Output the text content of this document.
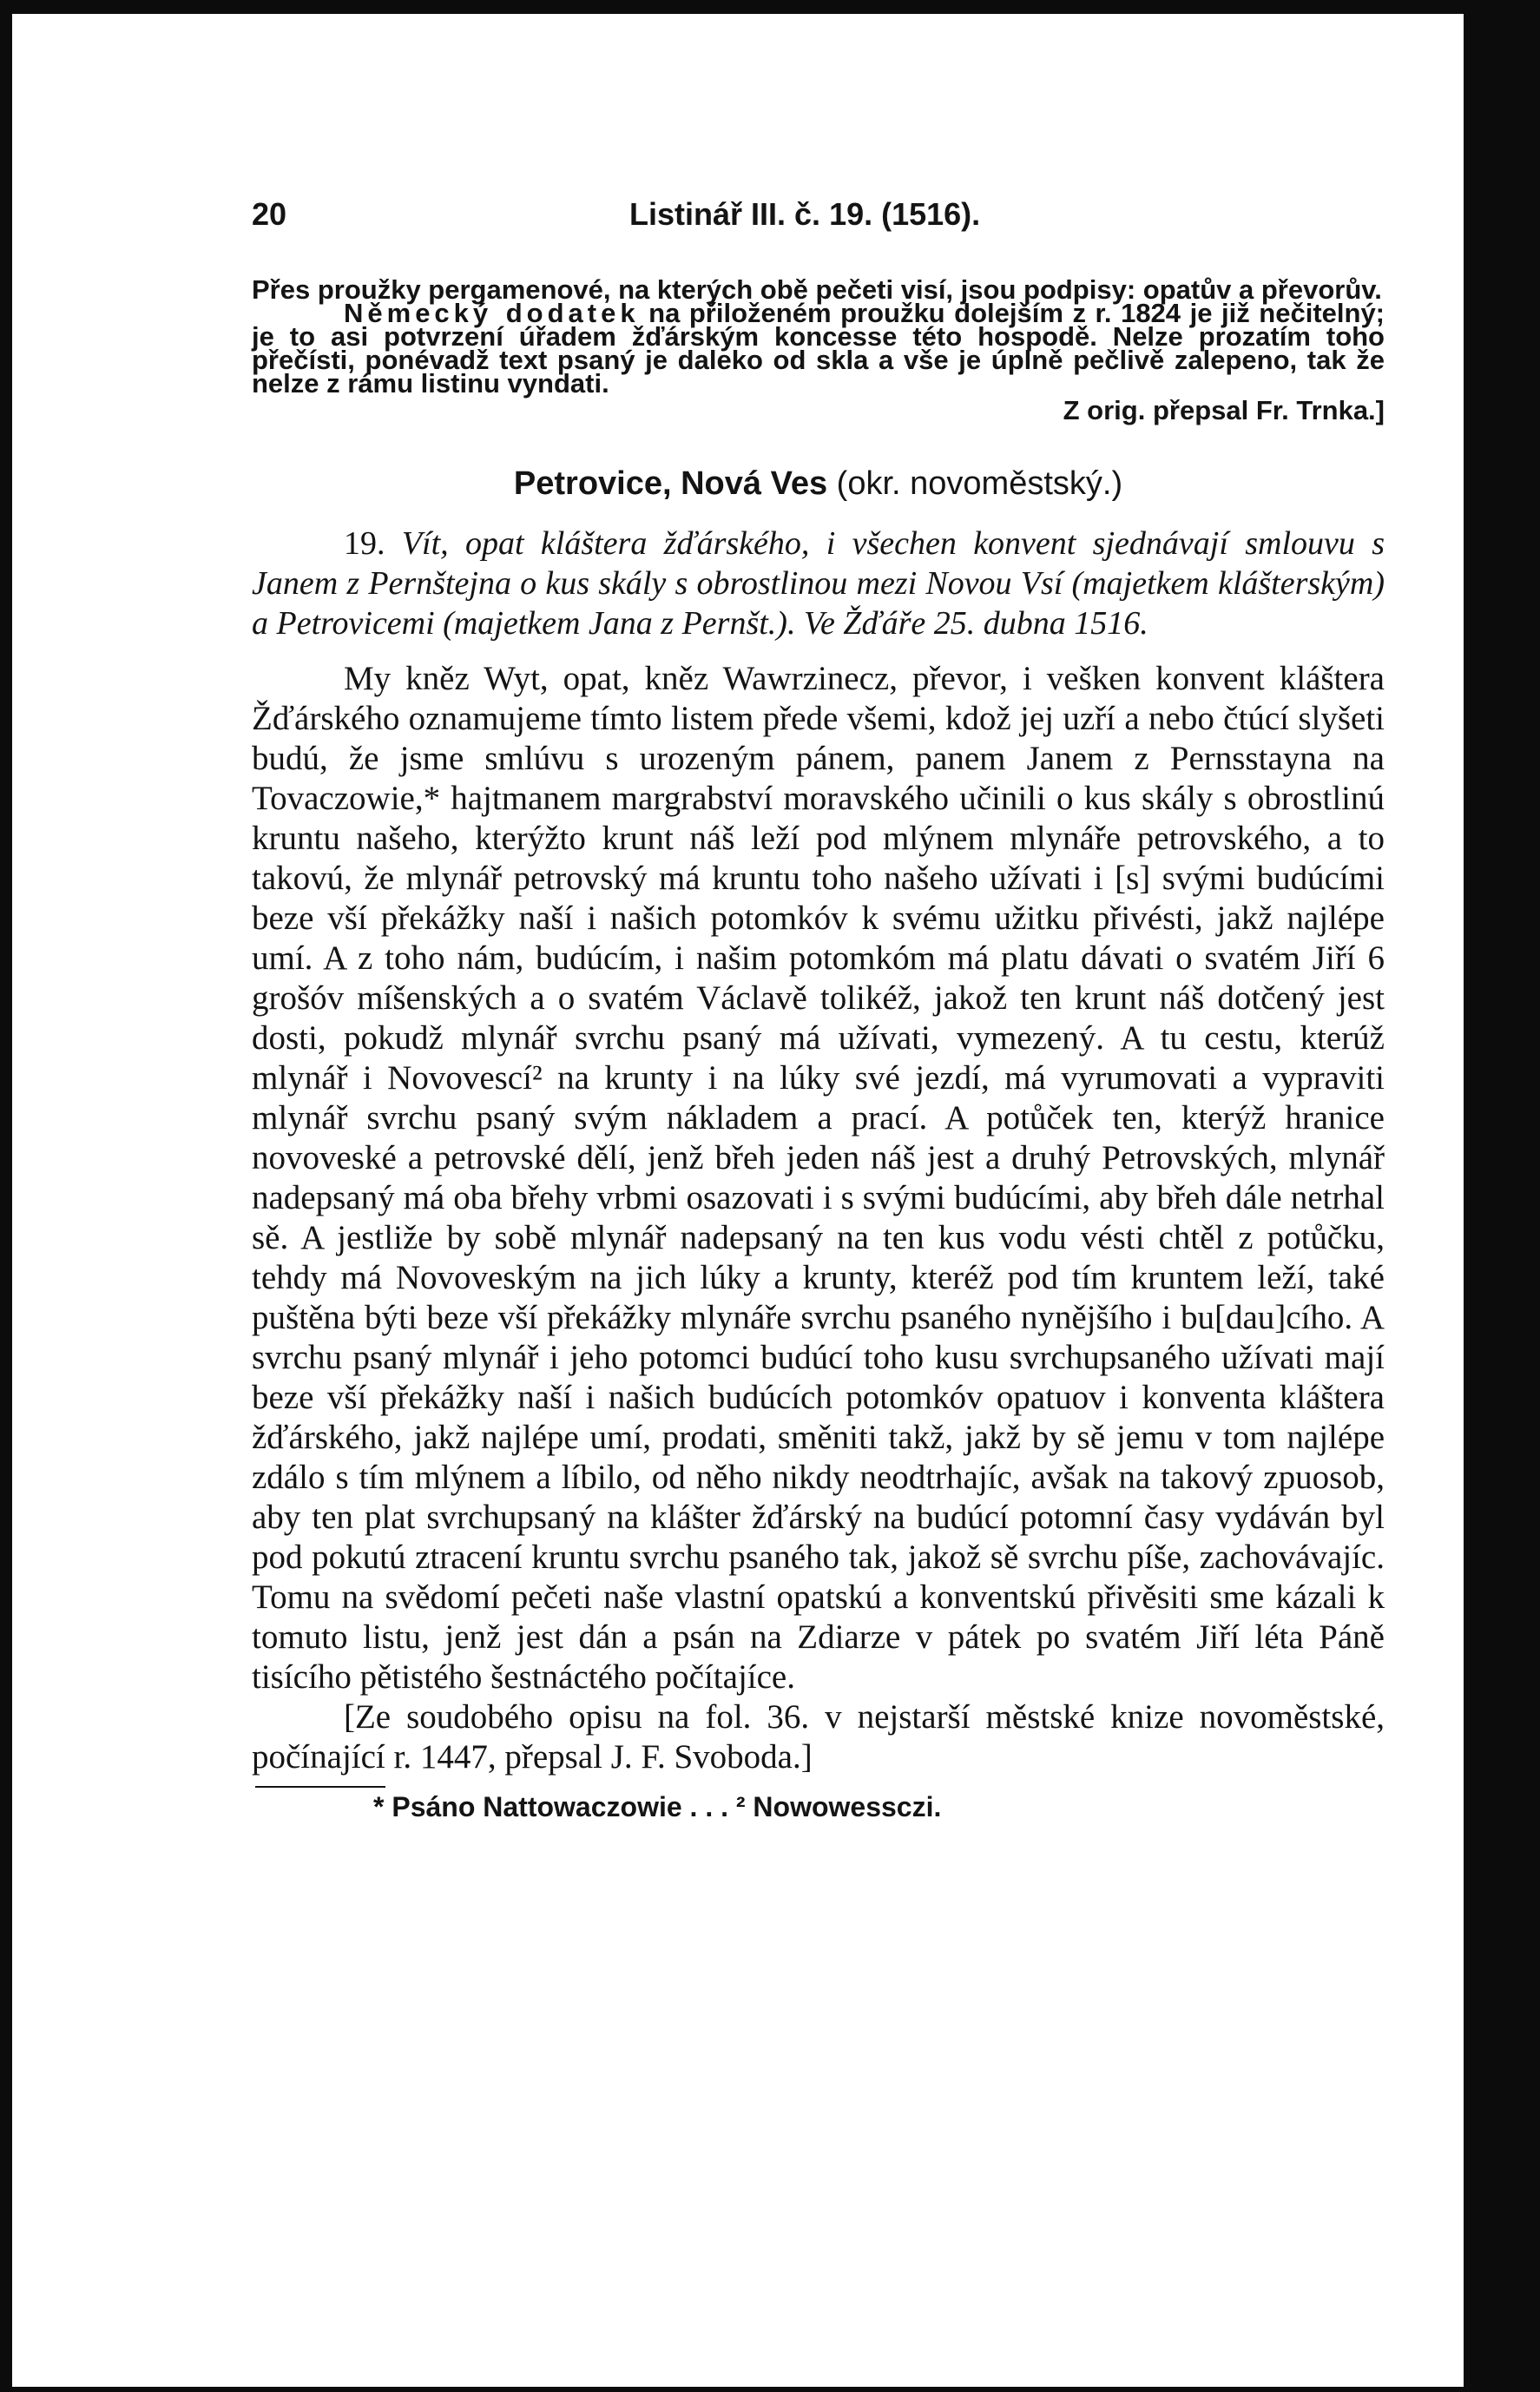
20	Listinář III. č. 19. (1516).

Přes proužky pergamenové, na kterých obě pečeti visí, jsou podpisy: opatův a převorův.

Německý dodatek na přiloženém proužku dolejším z r. 1824 je již nečitelný; je to asi potvrzení úřadem žďárským koncesse této hospodě. Nelze prozatím toho přečísti, ponévadž text psaný je daleko od skla a vše je úplně pečlivě zalepeno, tak že nelze z rámu listinu vyndati.

Z orig. přepsal Fr. Trnka.]

Petrovice, Nová Ves (okr. novoměstský.)

19. Vít, opat kláštera žďárského, i všechen konvent sjednávají smlouvu s Janem z Pernštejna o kus skály s obrostlinou mezi Novou Vsí (majetkem klášterským) a Petrovicemi (majetkem Jana z Pernšt.). Ve Žďáře 25. dubna 1516.

My kněz Wyt, opat, kněz Wawrzinecz, převor, i vešken konvent kláštera Žďárského oznamujeme tímto listem přede všemi, kdož jej uzří a nebo čtúcí slyšeti budú, že jsme smlúvu s urozeným pánem, panem Janem z Pernsstayna na Tovaczowie,* hajtmanem margrabství moravského učinili o kus skály s obrostlinú kruntu našeho, kterýžto krunt náš leží pod mlýnem mlynáře petrovského, a to takovú, že mlynář petrovský má kruntu toho našeho užívati i [s] svými budúcími beze vší překážky naší i našich potomkóv k svému užitku přivésti, jakž najlépe umí. A z toho nám, budúcím, i našim potomkóm má platu dávati o svatém Jiří 6 grošóv míšenských a o svatém Václavě tolikéž, jakož ten krunt náš dotčený jest dosti, pokudž mlynář svrchu psaný má užívati, vymezený. A tu cestu, kterúž mlynář i Novovescí² na krunty i na lúky své jezdí, má vyrumovati a vypraviti mlynář svrchu psaný svým nákladem a prací. A potůček ten, kterýž hranice novoveské a petrovské dělí, jenž břeh jeden náš jest a druhý Petrovských, mlynář nadepsaný má oba břehy vrbmi osazovati i s svými budúcími, aby břeh dále netrhal sě. A jestliže by sobě mlynář nadepsaný na ten kus vodu vésti chtěl z potůčku, tehdy má Novoveským na jich lúky a krunty, kteréž pod tím kruntem leží, také puštěna býti beze vší překážky mlynáře svrchu psaného nynějšího i bu[dau]cího. A svrchu psaný mlynář i jeho potomci budúcí toho kusu svrchupsaného užívati mají beze vší překážky naší i našich budúcích potomkóv opatuov i konventa kláštera žďárského, jakž najlépe umí, prodati, směniti takž, jakž by sě jemu v tom najlépe zdálo s tím mlýnem a líbilo, od něho nikdy neodtrhajíc, avšak na takový zpuosob, aby ten plat svrchupsaný na klášter žďárský na budúcí potomní časy vydáván byl pod pokutú ztracení kruntu svrchu psaného tak, jakož sě svrchu píše, zachovávajíc. Tomu na svědomí pečeti naše vlastní opatskú a konventskú přivěsiti sme kázali k tomuto listu, jenž jest dán a psán na Zdiarze v pátek po svatém Jiří léta Páně tisícího pětistého šestnáctého počítajíce.

[Ze soudobého opisu na fol. 36. v nejstarší městské knize novoměstské, počínající r. 1447, přepsal J. F. Svoboda.]

* Psáno Nattowaczowie . . . ² Nowowessczi.
